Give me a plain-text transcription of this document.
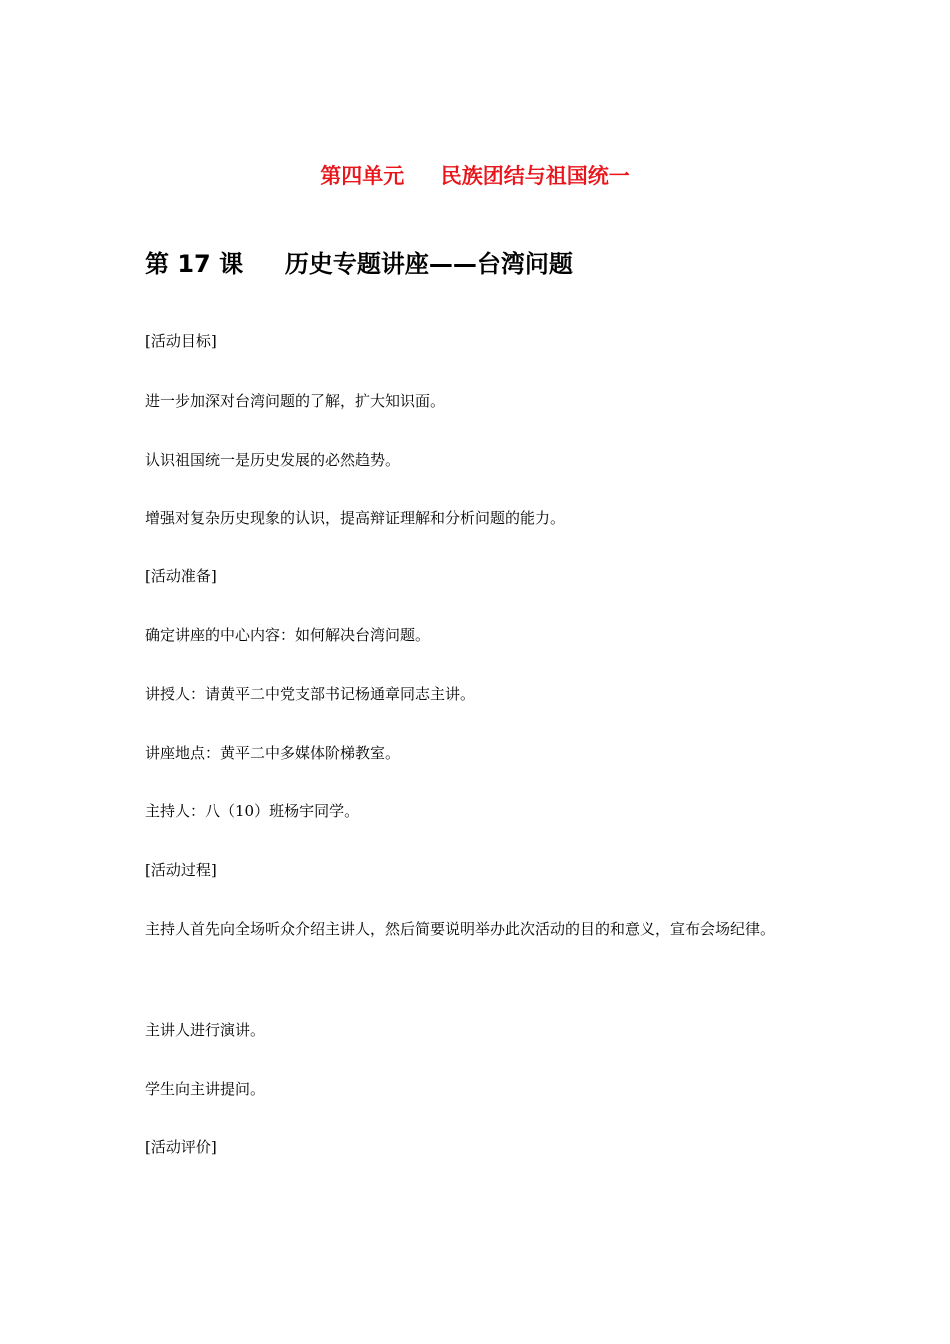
第四单元     民族团结与祖国统一
第 17 课     历史专题讲座——台湾问题
[活动目标]
进一步加深对台湾问题的了解，扩大知识面。
认识祖国统一是历史发展的必然趋势。
增强对复杂历史现象的认识，提高辩证理解和分析问题的能力。
[活动准备]
确定讲座的中心内容：如何解决台湾问题。
讲授人：请黄平二中党支部书记杨通章同志主讲。
讲座地点：黄平二中多媒体阶梯教室。
主持人：八（10）班杨宇同学。
[活动过程]
主持人首先向全场听众介绍主讲人，然后简要说明举办此次活动的目的和意义，宣布会场纪律。
主讲人进行演讲。
学生向主讲提问。
[活动评价]
